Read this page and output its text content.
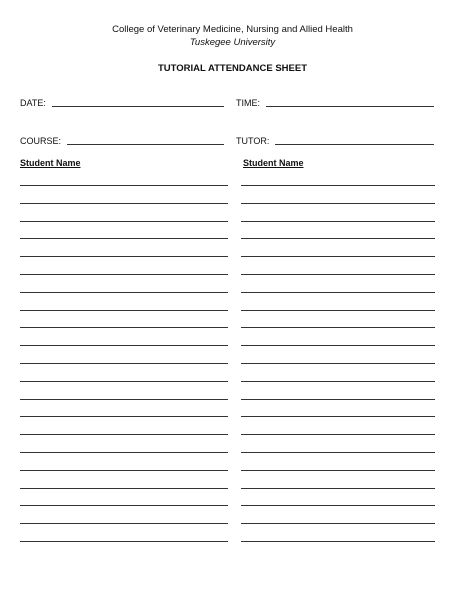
College of Veterinary Medicine, Nursing and Allied Health
Tuskegee University
TUTORIAL ATTENDANCE SHEET
DATE:	TIME:
COURSE:	TUTOR:
Student Name	Student Name
